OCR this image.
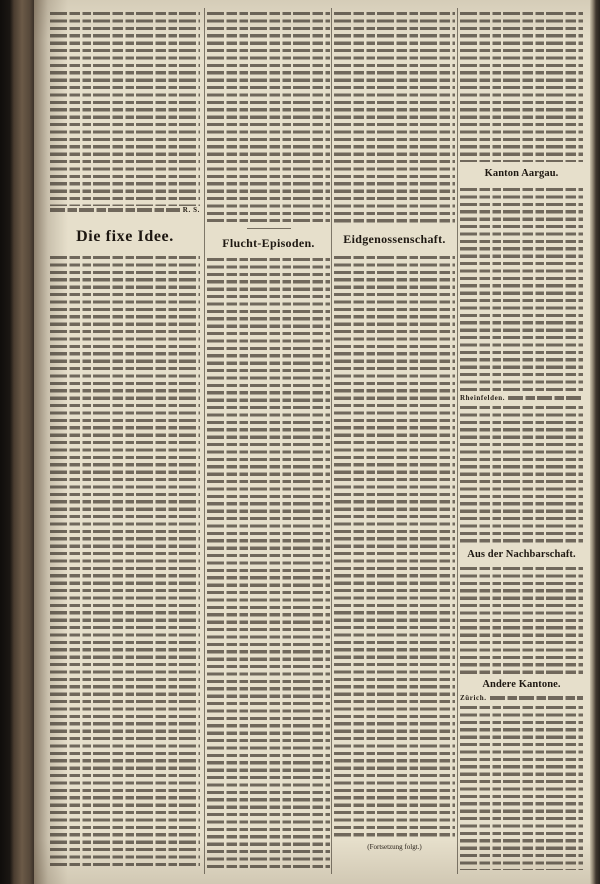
R. S.
Die fixe Idee.	Flucht-Episoden.	Eidgenossenschaft.
(Fortsetzung folgt.)
Kanton Aargau.
Rheinfelden.
Aus der Nachbarschaft.
Andere Kantone.
Zürich.
